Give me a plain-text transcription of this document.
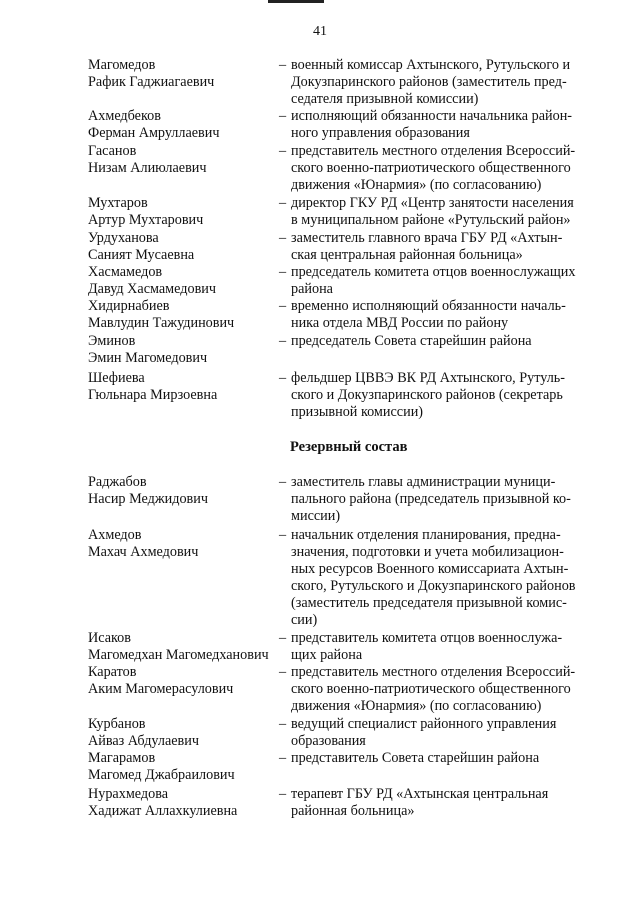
41
Магомедов
Рафик Гаджиагаевич
– военный комиссар Ахтынского, Рутульского и
Докузпаринского районов (заместитель пред-
седателя призывной комиссии)
Ахмедбеков
Ферман Амруллаевич
– исполняющий обязанности начальника район-
ного управления образования
Гасанов
Низам Алиюлаевич
– представитель местного отделения Всероссий-
ского военно-патриотического общественного
движения «Юнармия» (по согласованию)
Мухтаров
Артур Мухтарович
– директор ГКУ РД «Центр занятости населения
в муниципальном районе «Рутульский район»
Урдуханова
Саният Мусаевна
– заместитель главного врача ГБУ РД «Ахтын-
ская центральная районная больница»
Хасмамедов
Давуд Хасмамедович
– председатель комитета отцов военнослужащих
района
Хидирнабиев
Мавлудин Тажудинович
– временно исполняющий обязанности началь-
ника отдела МВД России по району
Эминов
Эмин Магомедович
– председатель Совета старейшин района
Шефиева
Гюльнара Мирзоевна
– фельдшер ЦВВЭ ВК РД Ахтынского, Рутуль-
ского и Докузпаринского районов (секретарь
призывной комиссии)
Резервный состав
Раджабов
Насир Меджидович
– заместитель главы администрации муници-
пального района (председатель призывной ко-
миссии)
Ахмедов
Махач Ахмедович
– начальник отделения планирования, предна-
значения, подготовки и учета мобилизацион-
ных ресурсов Военного комиссариата Ахтын-
ского, Рутульского и Докузпаринского районов
(заместитель председателя призывной комис-
сии)
Исаков
Магомедхан Магомедханович
– представитель комитета отцов военнослужа-
щих района
Каратов
Аким Магомерасулович
– представитель местного отделения Всероссий-
ского военно-патриотического общественного
движения «Юнармия» (по согласованию)
Курбанов
Айваз Абдулаевич
– ведущий специалист районного управления
образования
Магарамов
Магомед Джабраилович
– представитель Совета старейшин района
Нурахмедова
Хадижат Аллахкулиевна
– терапевт ГБУ РД «Ахтынская центральная
районная больница»
